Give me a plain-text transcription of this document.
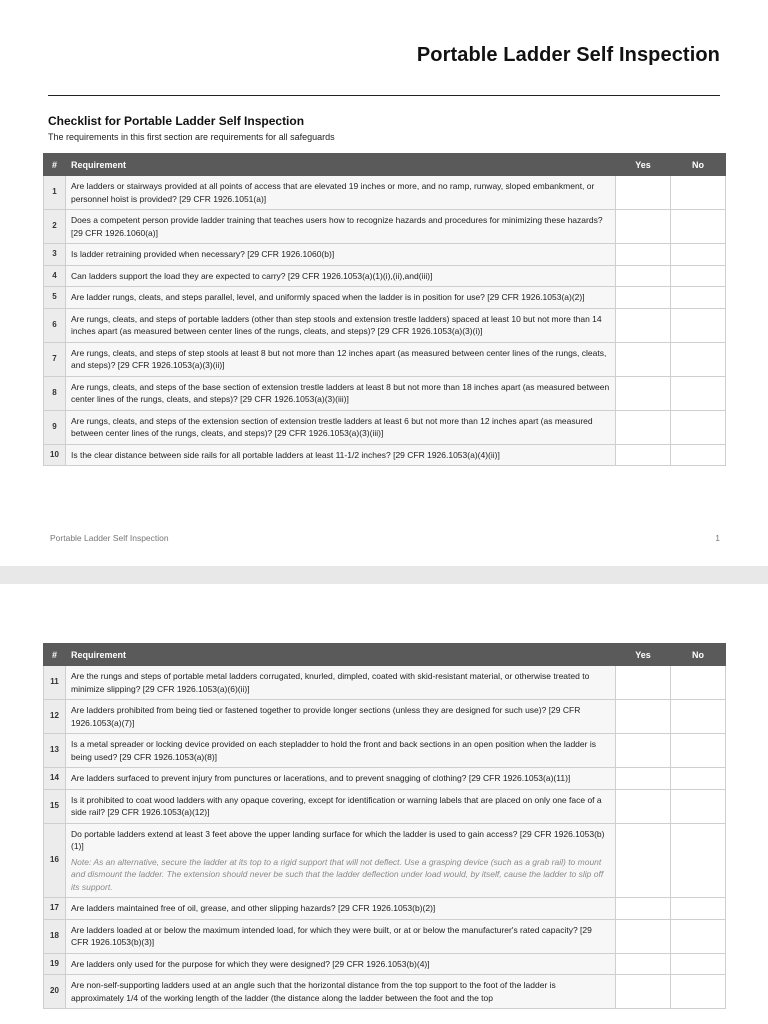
Portable Ladder Self Inspection
Checklist for Portable Ladder Self Inspection
The requirements in this first section are requirements for all safeguards
#	Requirement	Yes	No
1	Are ladders or stairways provided at all points of access that are elevated 19 inches or more, and no ramp, runway, sloped embankment, or personnel hoist is provided? [29 CFR 1926.1051(a)]		
2	Does a competent person provide ladder training that teaches users how to recognize hazards and procedures for minimizing these hazards? [29 CFR 1926.1060(a)]		
3	Is ladder retraining provided when necessary? [29 CFR 1926.1060(b)]		
4	Can ladders support the load they are expected to carry? [29 CFR 1926.1053(a)(1)(i),(ii),and(iii)]		
5	Are ladder rungs, cleats, and steps parallel, level, and uniformly spaced when the ladder is in position for use? [29 CFR 1926.1053(a)(2)]		
6	Are rungs, cleats, and steps of portable ladders (other than step stools and extension trestle ladders) spaced at least 10 but not more than 14 inches apart (as measured between center lines of the rungs, cleats, and steps)? [29 CFR 1926.1053(a)(3)(i)]		
7	Are rungs, cleats, and steps of step stools at least 8 but not more than 12 inches apart (as measured between center lines of the rungs, cleats, and steps)? [29 CFR 1926.1053(a)(3)(ii)]		
8	Are rungs, cleats, and steps of the base section of extension trestle ladders at least 8 but not more than 18 inches apart (as measured between center lines of the rungs, cleats, and steps)? [29 CFR 1926.1053(a)(3)(iii)]		
9	Are rungs, cleats, and steps of the extension section of extension trestle ladders at least 6 but not more than 12 inches apart (as measured between center lines of the rungs, cleats, and steps)? [29 CFR 1926.1053(a)(3)(iii)]		
10	Is the clear distance between side rails for all portable ladders at least 11-1/2 inches? [29 CFR 1926.1053(a)(4)(ii)]		
Portable Ladder Self Inspection	1
#	Requirement	Yes	No
11	Are the rungs and steps of portable metal ladders corrugated, knurled, dimpled, coated with skid-resistant material, or otherwise treated to minimize slipping? [29 CFR 1926.1053(a)(6)(ii)]		
12	Are ladders prohibited from being tied or fastened together to provide longer sections (unless they are designed for such use)? [29 CFR 1926.1053(a)(7)]		
13	Is a metal spreader or locking device provided on each stepladder to hold the front and back sections in an open position when the ladder is being used? [29 CFR 1926.1053(a)(8)]		
14	Are ladders surfaced to prevent injury from punctures or lacerations, and to prevent snagging of clothing? [29 CFR 1926.1053(a)(11)]		
15	Is it prohibited to coat wood ladders with any opaque covering, except for identification or warning labels that are placed on only one face of a side rail? [29 CFR 1926.1053(a)(12)]		
16	Do portable ladders extend at least 3 feet above the upper landing surface for which the ladder is used to gain access? [29 CFR 1926.1053(b)(1)]
Note: As an alternative, secure the ladder at its top to a rigid support that will not deflect. Use a grasping device (such as a grab rail) to mount and dismount the ladder. The extension should never be such that the ladder deflection under load would, by itself, cause the ladder to slip off its support.		

17	Are ladders maintained free of oil, grease, and other slipping hazards? [29 CFR 1926.1053(b)(2)]		
18	Are ladders loaded at or below the maximum intended load, for which they were built, or at or below the manufacturer's rated capacity? [29 CFR 1926.1053(b)(3)]		
19	Are ladders only used for the purpose for which they were designed? [29 CFR 1926.1053(b)(4)]		
20	Are non-self-supporting ladders used at an angle such that the horizontal distance from the top support to the foot of the ladder is approximately 1/4 of the working length of the ladder (the distance along the ladder between the foot and the top		
